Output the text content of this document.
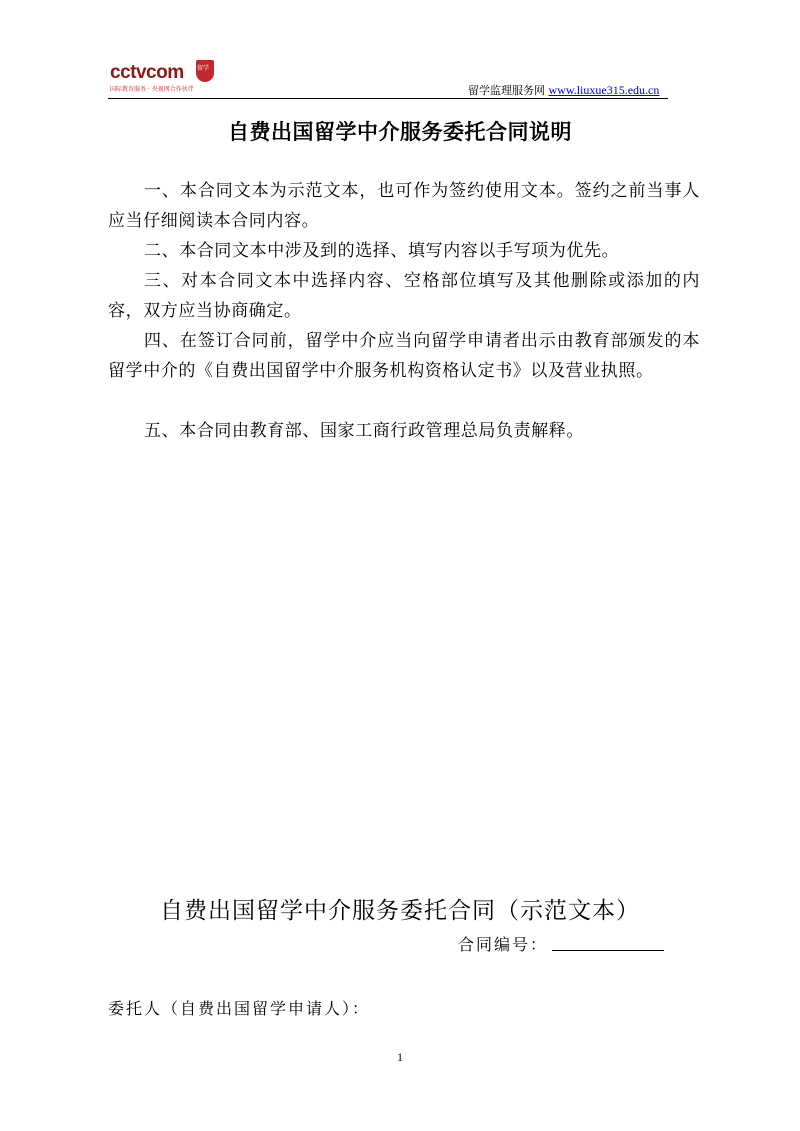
cctvcom 留学
国际教育服务 · 央视网合作伙伴	留学监理服务网 www.liuxue315.edu.cn
自费出国留学中介服务委托合同说明
一、本合同文本为示范文本，也可作为签约使用文本。签约之前当事人应当仔细阅读本合同内容。
二、本合同文本中涉及到的选择、填写内容以手写项为优先。
三、对本合同文本中选择内容、空格部位填写及其他删除或添加的内容，双方应当协商确定。
四、在签订合同前，留学中介应当向留学申请者出示由教育部颁发的本留学中介的《自费出国留学中介服务机构资格认定书》以及营业执照。
五、本合同由教育部、国家工商行政管理总局负责解释。
自费出国留学中介服务委托合同（示范文本）
合同编号：
委托人（自费出国留学申请人）：
1
